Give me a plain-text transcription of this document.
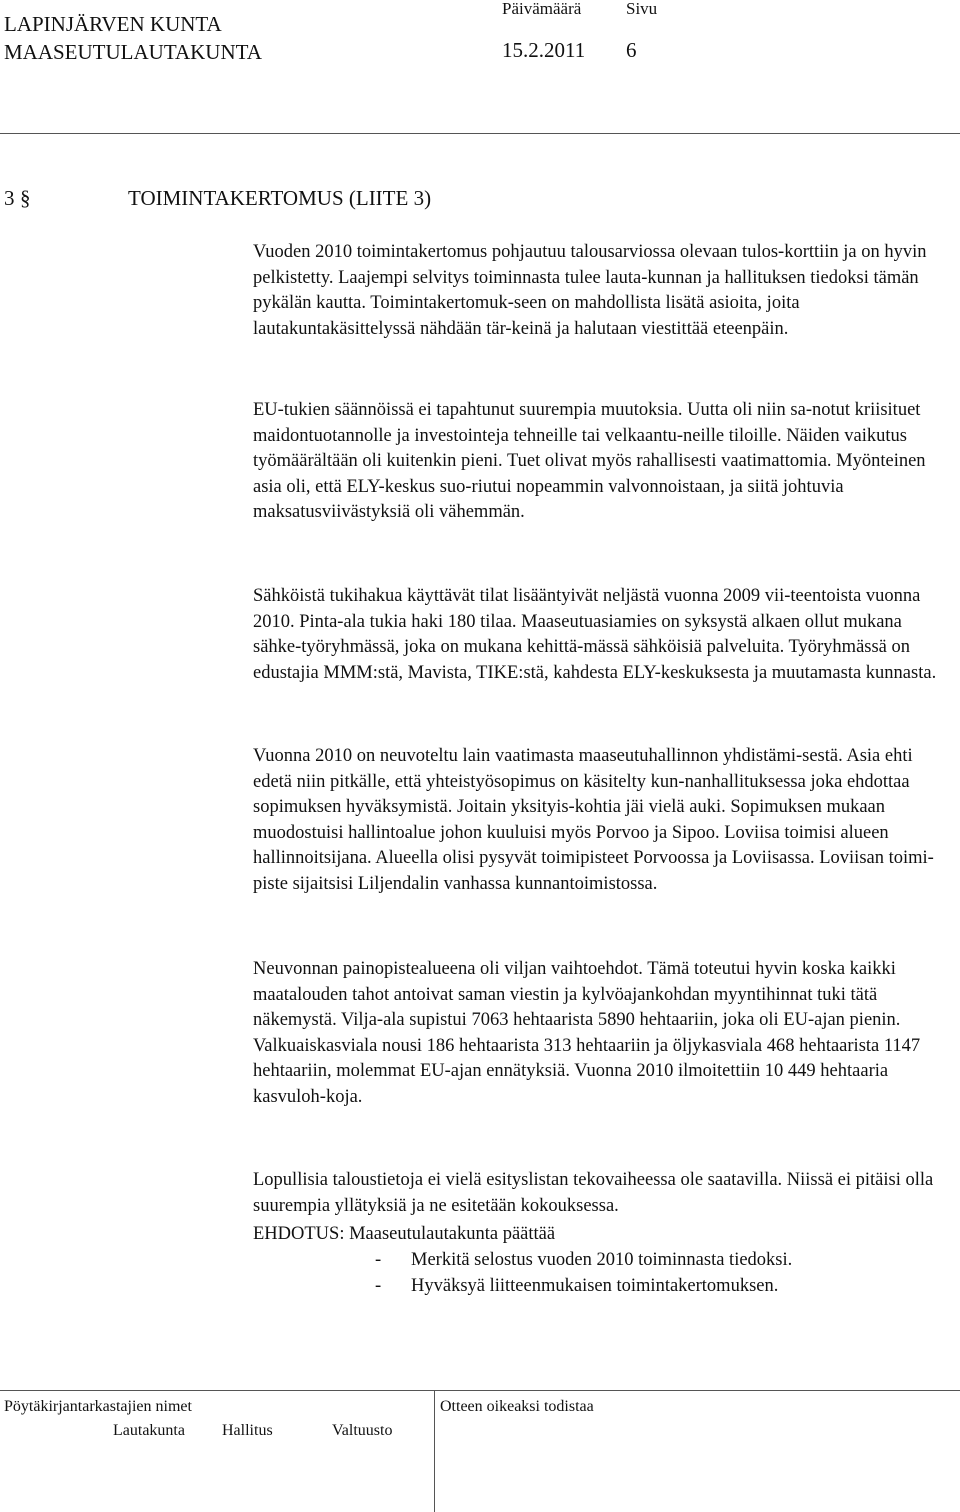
LAPINJÄRVEN KUNTA
MAASEUTULAUTAKUNTA
Päivämäärä	Sivu
15.2.2011 6
3 §	TOIMINTAKERTOMUS (LIITE 3)

Vuoden 2010 toimintakertomus pohjautuu talousarviossa olevaan tulos-korttiin ja on hyvin pelkistetty. Laajempi selvitys toiminnasta tulee lauta-kunnan ja hallituksen tiedoksi tämän pykälän kautta. Toimintakertomuk-seen on mahdollista lisätä asioita, joita lautakuntakäsittelyssä nähdään tär-keinä ja halutaan viestittää eteenpäin.

EU-tukien säännöissä ei tapahtunut suurempia muutoksia. Uutta oli niin sa-notut kriisituet maidontuotannolle ja investointeja tehneille tai velkaantu-neille tiloille. Näiden vaikutus työmäärältään oli kuitenkin pieni. Tuet olivat myös rahallisesti vaatimattomia. Myönteinen asia oli, että ELY-keskus suo-riutui nopeammin valvonnoistaan, ja siitä johtuvia maksatusviivästyksiä oli vähemmän.

Sähköistä tukihakua käyttävät tilat lisääntyivät neljästä vuonna 2009 vii-teentoista vuonna 2010. Pinta-ala tukia haki 180 tilaa. Maaseutuasiamies on syksystä alkaen ollut mukana sähke-työryhmässä, joka on mukana kehittä-mässä sähköisiä palveluita. Työryhmässä on edustajia MMM:stä, Mavista, TIKE:stä, kahdesta ELY-keskuksesta ja muutamasta kunnasta.

Vuonna 2010 on neuvoteltu lain vaatimasta maaseutuhallinnon yhdistämi-sestä. Asia ehti edetä niin pitkälle, että yhteistyösopimus on käsitelty kun-nanhallituksessa joka ehdottaa sopimuksen hyväksymistä. Joitain yksityis-kohtia jäi vielä auki. Sopimuksen mukaan muodostuisi hallintoalue johon kuuluisi myös Porvoo ja Sipoo. Loviisa toimisi alueen hallinnoitsijana. Alueella olisi pysyvät toimipisteet Porvoossa ja Loviisassa. Loviisan toimi-piste sijaitsisi Liljendalin vanhassa kunnantoimistossa.

Neuvonnan painopistealueena oli viljan vaihtoehdot. Tämä toteutui hyvin koska kaikki maatalouden tahot antoivat saman viestin ja kylvöajankohdan myyntihinnat tuki tätä näkemystä. Vilja-ala supistui 7063 hehtaarista 5890 hehtaariin, joka oli EU-ajan pienin. Valkuaiskasviala nousi 186 hehtaarista 313 hehtaariin ja öljykasviala 468 hehtaarista 1147 hehtaariin, molemmat EU-ajan ennätyksiä. Vuonna 2010 ilmoitettiin 10 449 hehtaaria kasvuloh-koja.

Lopullisia taloustietoja ei vielä esityslistan tekovaiheessa ole saatavilla. Niissä ei pitäisi olla suurempia yllätyksiä ja ne esitetään kokouksessa.

EHDOTUS: Maaseutulautakunta päättää
- Merkitä selostus vuoden 2010 toiminnasta tiedoksi.
- Hyväksyä liitteenmukaisen toimintakertomuksen.
Pöytäkirjantarkastajien nimet	Otteen oikeaksi todistaa
Lautakunta Hallitus	Valtuusto
